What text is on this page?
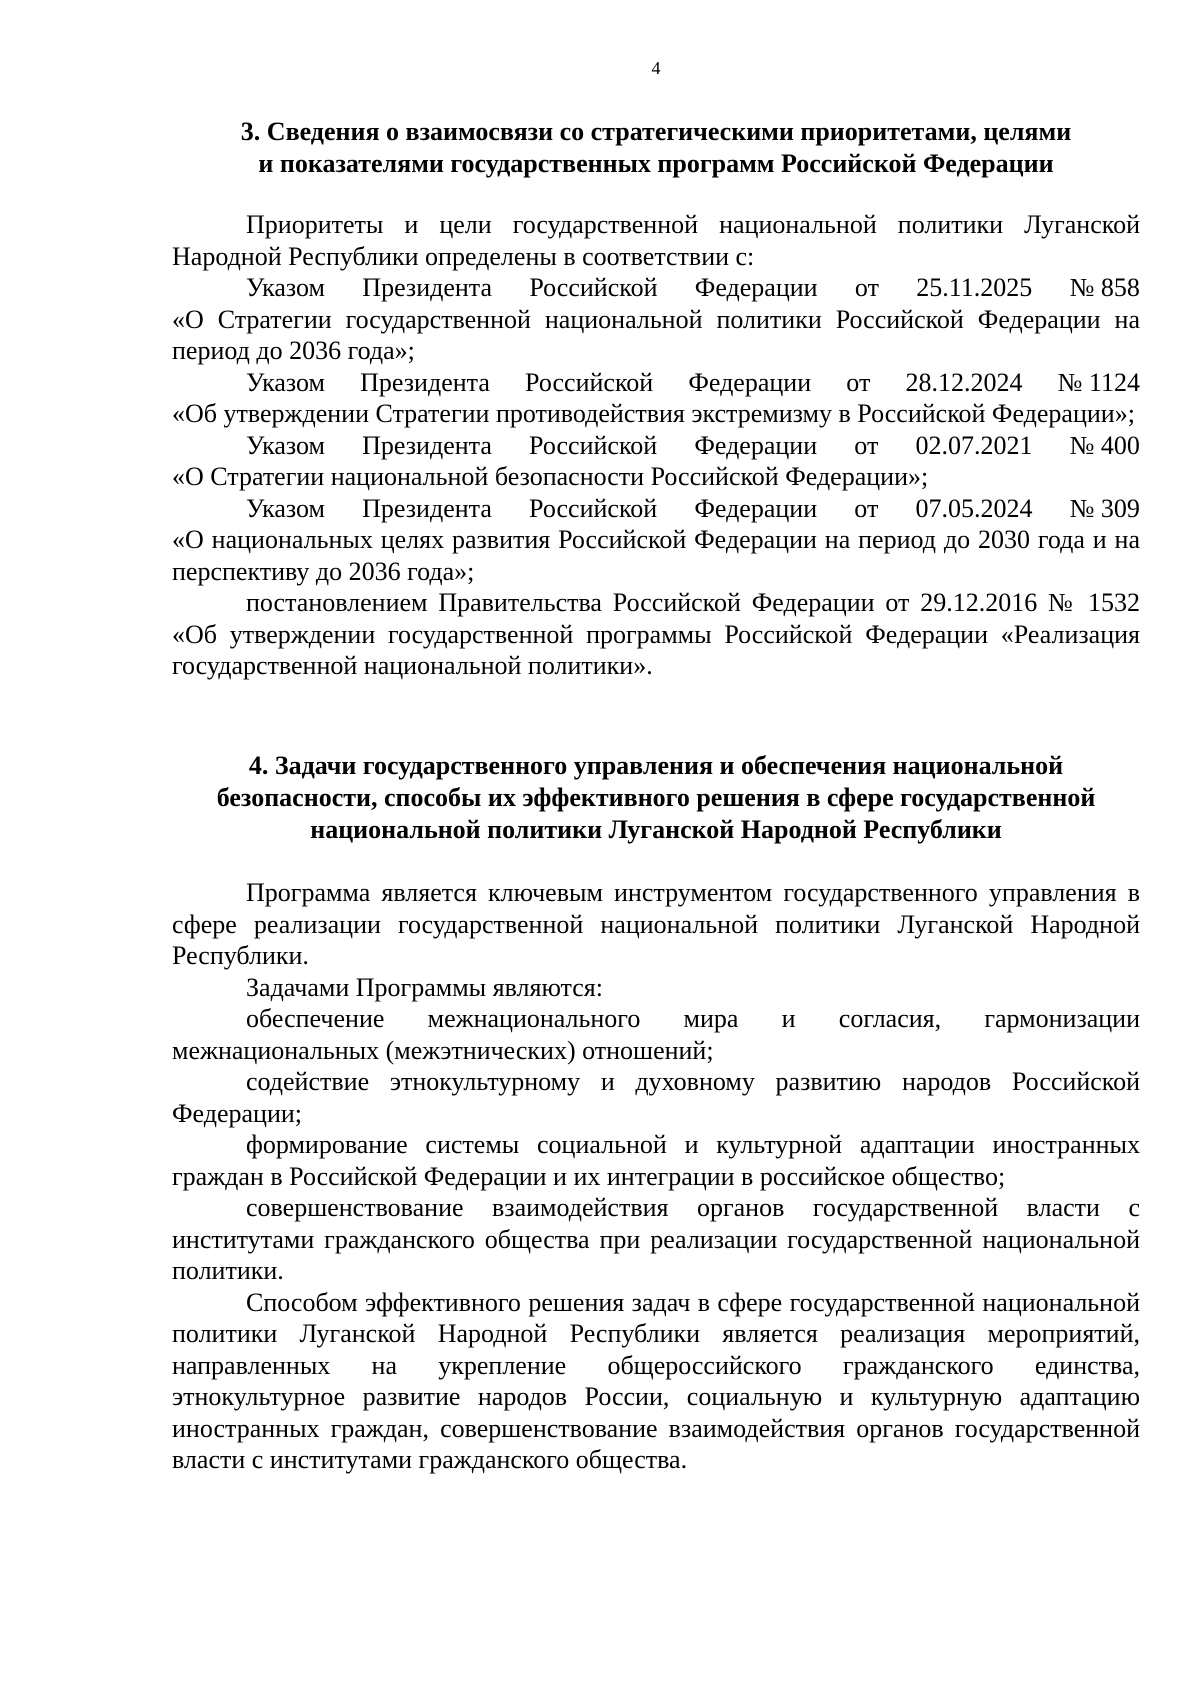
4
3. Сведения о взаимосвязи со стратегическими приоритетами, целями
и показателями государственных программ Российской Федерации

Приоритеты и цели государственной национальной политики Луганской Народной Республики определены в соответствии с:

Указом Президента Российской Федерации от 25.11.2025 № 858

«О Стратегии государственной национальной политики Российской Федерации на период до 2036 года»;

Указом Президента Российской Федерации от 28.12.2024 № 1124

«Об утверждении Стратегии противодействия экстремизму в Российской Федерации»;

Указом Президента Российской Федерации от 02.07.2021 № 400

«О Стратегии национальной безопасности Российской Федерации»;

Указом Президента Российской Федерации от 07.05.2024 № 309

«О национальных целях развития Российской Федерации на период до 2030 года и на перспективу до 2036 года»;

постановлением Правительства Российской Федерации от 29.12.2016 № 1532 «Об утверждении государственной программы Российской Федерации «Реализация государственной национальной политики».

4. Задачи государственного управления и обеспечения национальной
безопасности, способы их эффективного решения в сфере государственной
национальной политики Луганской Народной Республики

Программа является ключевым инструментом государственного управления в сфере реализации государственной национальной политики Луганской Народной Республики.

Задачами Программы являются:

обеспечение межнационального мира и согласия, гармонизации межнациональных (межэтнических) отношений;

содействие этнокультурному и духовному развитию народов Российской Федерации;

формирование системы социальной и культурной адаптации иностранных граждан в Российской Федерации и их интеграции в российское общество;

совершенствование взаимодействия органов государственной власти с институтами гражданского общества при реализации государственной национальной политики.

Способом эффективного решения задач в сфере государственной национальной политики Луганской Народной Республики является реализация мероприятий, направленных на укрепление общероссийского гражданского единства, этнокультурное развитие народов России, социальную и культурную адаптацию иностранных граждан, совершенствование взаимодействия органов государственной власти с институтами гражданского общества.
